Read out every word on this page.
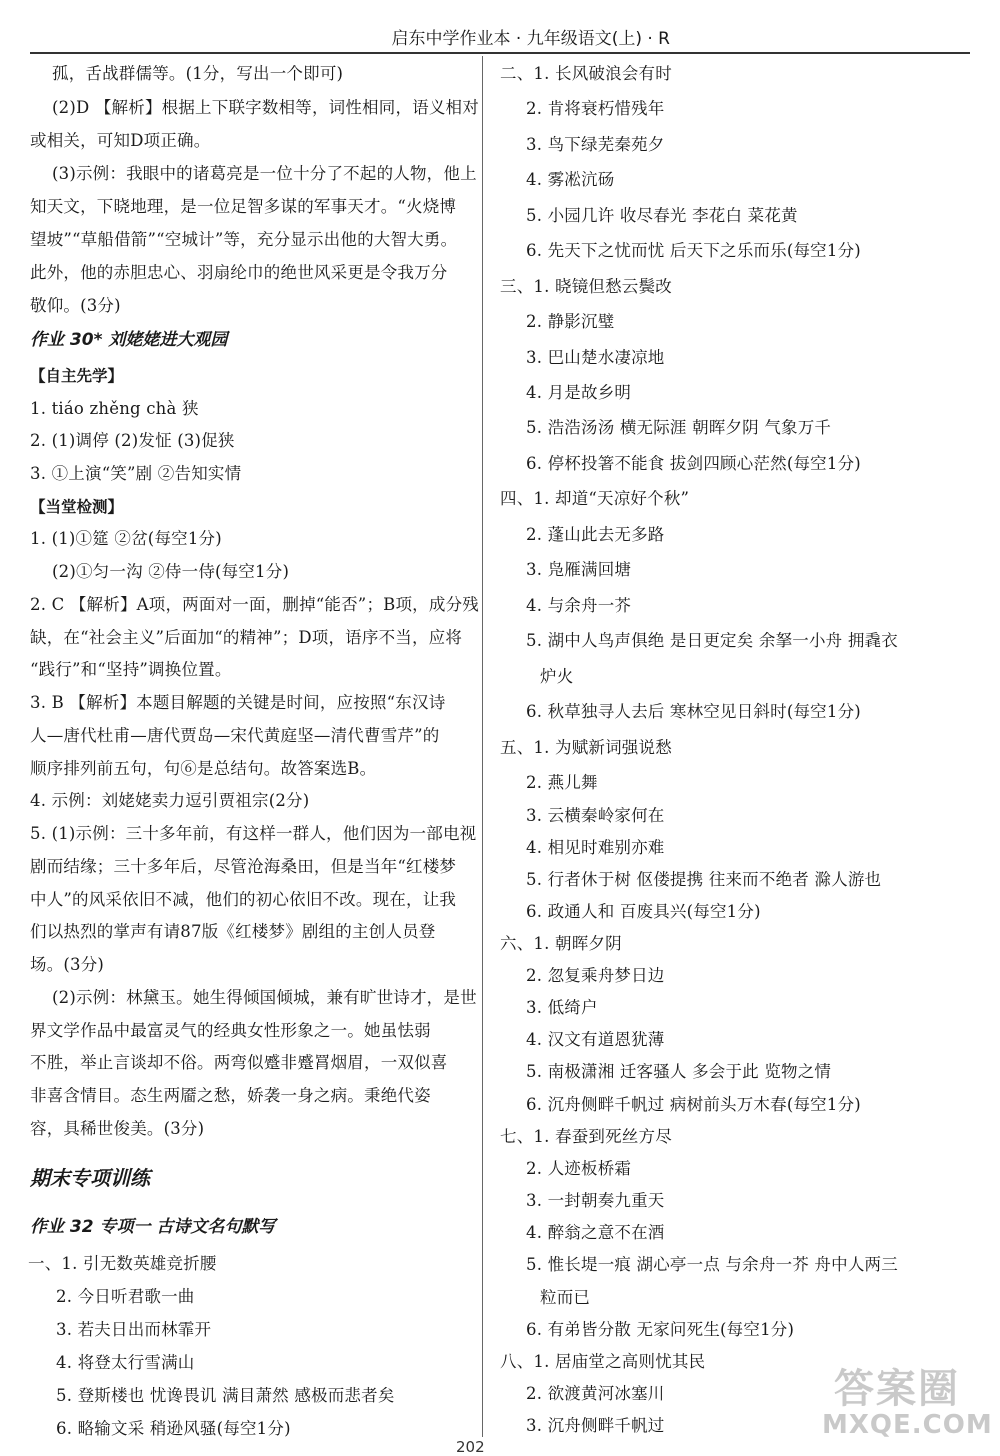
启东中学作业本 · 九年级语文(上) · R
孤，舌战群儒等。(1分，写出一个即可)
(2)D 【解析】根据上下联字数相等，词性相同，语义相对
或相关，可知D项正确。
(3)示例：我眼中的诸葛亮是一位十分了不起的人物，他上
知天文，下晓地理，是一位足智多谋的军事天才。“火烧博
望坡”“草船借箭”“空城计”等，充分显示出他的大智大勇。
此外，他的赤胆忠心、羽扇纶巾的绝世风采更是令我万分
敬仰。(3分)
作业 30* 刘姥姥进大观园
【自主先学】
1. tiáo zhěng chà 狭
2. (1)调停 (2)发怔 (3)促狭
3. ①上演“笑”剧 ②告知实情
【当堂检测】
1. (1)①筵 ②岔(每空1分)
(2)①匀一沟 ②侍一侍(每空1分)
2. C 【解析】A项，两面对一面，删掉“能否”；B项，成分残
缺，在“社会主义”后面加“的精神”；D项，语序不当，应将
“践行”和“坚持”调换位置。
3. B 【解析】本题目解题的关键是时间，应按照“东汉诗
人—唐代杜甫—唐代贾岛—宋代黄庭坚—清代曹雪芹”的
顺序排列前五句，句⑥是总结句。故答案选B。
4. 示例：刘姥姥卖力逗引贾祖宗(2分)
5. (1)示例：三十多年前，有这样一群人，他们因为一部电视
剧而结缘；三十多年后，尽管沧海桑田，但是当年“红楼梦
中人”的风采依旧不减，他们的初心依旧不改。现在，让我
们以热烈的掌声有请87版《红楼梦》剧组的主创人员登
场。(3分)
(2)示例：林黛玉。她生得倾国倾城，兼有旷世诗才，是世
界文学作品中最富灵气的经典女性形象之一。她虽怯弱
不胜，举止言谈却不俗。两弯似蹙非蹙罥烟眉，一双似喜
非喜含情目。态生两靥之愁，娇袭一身之病。秉绝代姿
容，具稀世俊美。(3分)
期末专项训练
作业 32 专项一 古诗文名句默写
一、1. 引无数英雄竞折腰
2. 今日听君歌一曲
3. 若夫日出而林霏开
4. 将登太行雪满山
5. 登斯楼也 忧谗畏讥 满目萧然 感极而悲者矣
6. 略输文采 稍逊风骚(每空1分)
二、1. 长风破浪会有时
2. 肯将衰朽惜残年
3. 鸟下绿芜秦苑夕
4. 雾凇沆砀
5. 小园几许 收尽春光 李花白 菜花黄
6. 先天下之忧而忧 后天下之乐而乐(每空1分)
三、1. 晓镜但愁云鬓改
2. 静影沉璧
3. 巴山楚水凄凉地
4. 月是故乡明
5. 浩浩汤汤 横无际涯 朝晖夕阴 气象万千
6. 停杯投箸不能食 拔剑四顾心茫然(每空1分)
四、1. 却道“天凉好个秋”
2. 蓬山此去无多路
3. 凫雁满回塘
4. 与余舟一芥
5. 湖中人鸟声俱绝 是日更定矣 余拏一小舟 拥毳衣
炉火
6. 秋草独寻人去后 寒林空见日斜时(每空1分)
五、1. 为赋新词强说愁
2. 燕儿舞
3. 云横秦岭家何在
4. 相见时难别亦难
5. 行者休于树 伛偻提携 往来而不绝者 滁人游也
6. 政通人和 百废具兴(每空1分)
六、1. 朝晖夕阴
2. 忽复乘舟梦日边
3. 低绮户
4. 汉文有道恩犹薄
5. 南极潇湘 迁客骚人 多会于此 览物之情
6. 沉舟侧畔千帆过 病树前头万木春(每空1分)
七、1. 春蚕到死丝方尽
2. 人迹板桥霜
3. 一封朝奏九重天
4. 醉翁之意不在酒
5. 惟长堤一痕 湖心亭一点 与余舟一芥 舟中人两三
粒而已
6. 有弟皆分散 无家问死生(每空1分)
八、1. 居庙堂之高则忧其民
2. 欲渡黄河冰塞川
3. 沉舟侧畔千帆过
202
答案圈
MXQE.COM
